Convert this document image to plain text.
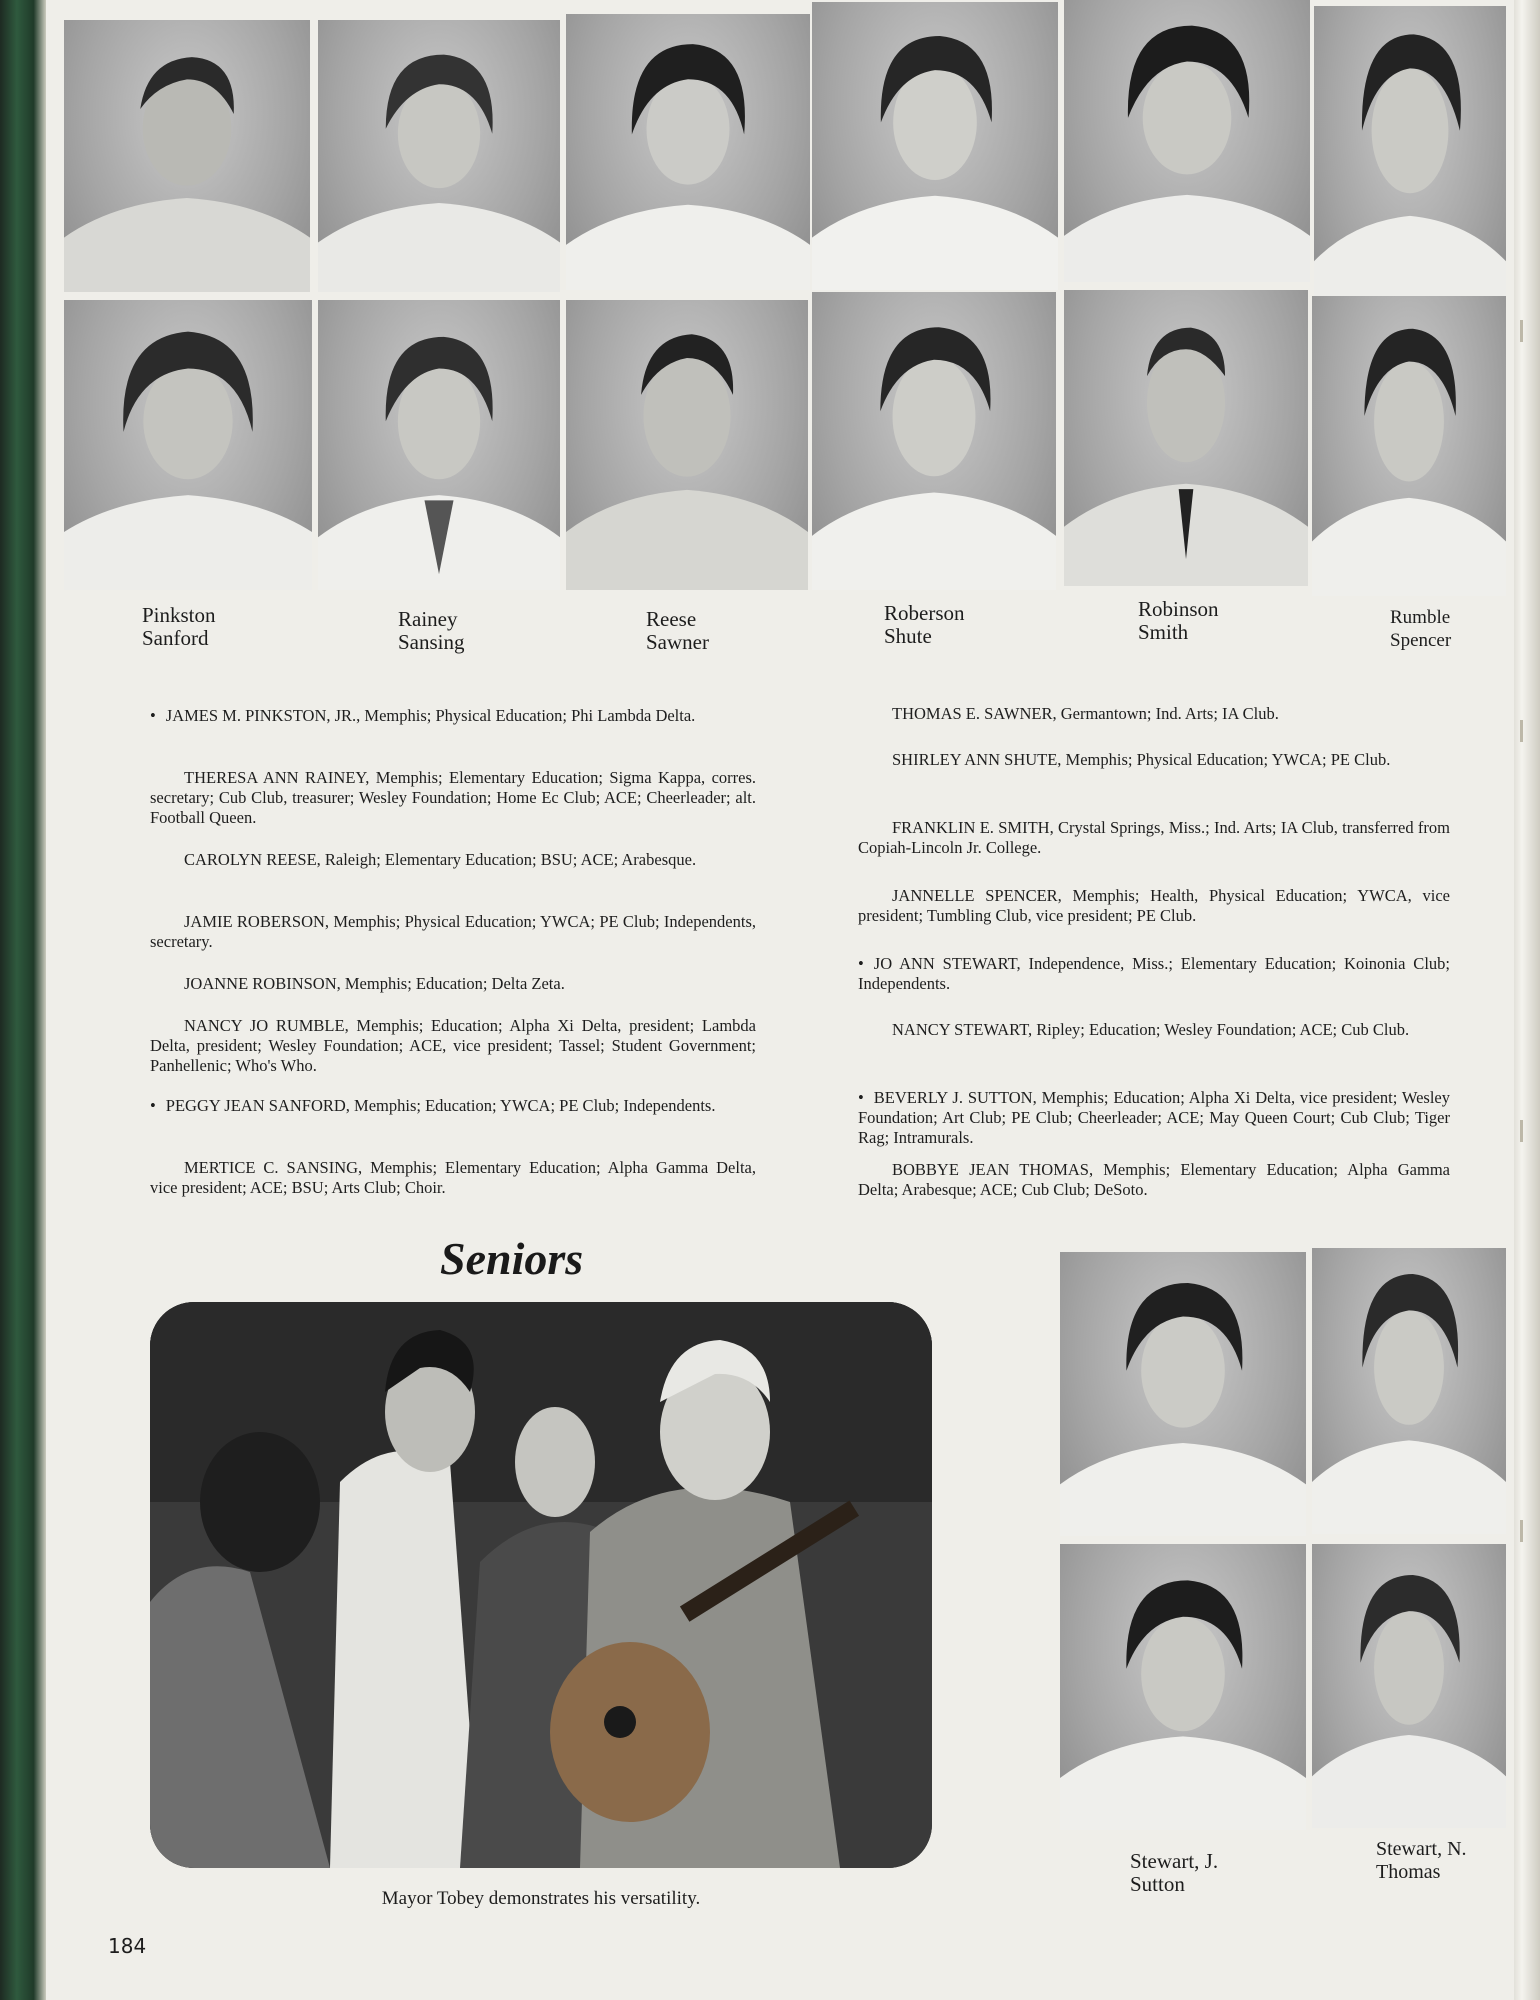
Pinkston
Sanford
Rainey
Sansing
Reese
Sawner
Roberson
Shute
Robinson
Smith
Rumble
Spencer
• JAMES M. PINKSTON, JR., Memphis; Physical Education; Phi Lambda Delta.
THERESA ANN RAINEY, Memphis; Elementary Education; Sigma Kappa, corres. secretary; Cub Club, treasurer; Wesley Foundation; Home Ec Club; ACE; Cheerleader; alt. Football Queen.
CAROLYN REESE, Raleigh; Elementary Education; BSU; ACE; Arabesque.
JAMIE ROBERSON, Memphis; Physical Education; YWCA; PE Club; Independents, secretary.
JOANNE ROBINSON, Memphis; Education; Delta Zeta.
NANCY JO RUMBLE, Memphis; Education; Alpha Xi Delta, president; Lambda Delta, president; Wesley Foundation; ACE, vice president; Tassel; Student Government; Panhellenic; Who's Who.
• PEGGY JEAN SANFORD, Memphis; Education; YWCA; PE Club; Independents.
MERTICE C. SANSING, Memphis; Elementary Education; Alpha Gamma Delta, vice president; ACE; BSU; Arts Club; Choir.
THOMAS E. SAWNER, Germantown; Ind. Arts; IA Club.
SHIRLEY ANN SHUTE, Memphis; Physical Education; YWCA; PE Club.
FRANKLIN E. SMITH, Crystal Springs, Miss.; Ind. Arts; IA Club, transferred from Copiah-Lincoln Jr. College.
JANNELLE SPENCER, Memphis; Health, Physical Education; YWCA, vice president; Tumbling Club, vice president; PE Club.
• JO ANN STEWART, Independence, Miss.; Elementary Education; Koinonia Club; Independents.
NANCY STEWART, Ripley; Education; Wesley Foundation; ACE; Cub Club.
• BEVERLY J. SUTTON, Memphis; Education; Alpha Xi Delta, vice president; Wesley Foundation; Art Club; PE Club; Cheerleader; ACE; May Queen Court; Cub Club; Tiger Rag; Intramurals.
BOBBYE JEAN THOMAS, Memphis; Elementary Education; Alpha Gamma Delta; Arabesque; ACE; Cub Club; DeSoto.
Seniors
Mayor Tobey demonstrates his versatility.
Stewart, J.
Sutton
Stewart, N.
Thomas
184
